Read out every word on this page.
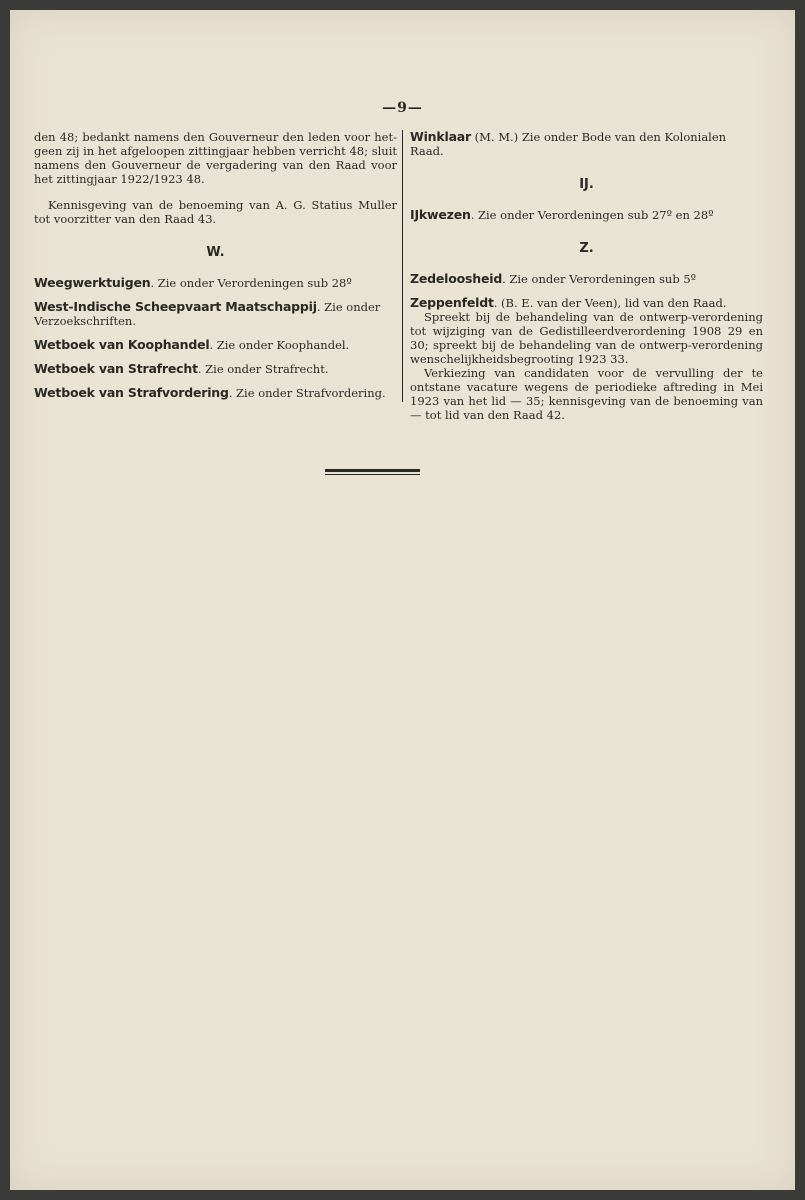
—9—

den 48; bedankt namens den Gouverneur den leden voor het-geen zij in het afgeloopen zittingjaar hebben verricht 48; sluit namens den Gouverneur de vergadering van den Raad voor het zittingjaar 1922/1923 48.

Kennisgeving van de benoeming van A. G. Statius Muller tot voorzitter van den Raad 43.

W.

Weegwerktuigen. Zie onder Verordeningen sub 28º

West-Indische Scheepvaart Maatschappij. Zie onder Verzoekschriften.

Wetboek van Koophandel. Zie onder Koophandel.

Wetboek van Strafrecht. Zie onder Strafrecht.

Wetboek van Strafvordering. Zie onder Strafvordering.

Winklaar (M. M.) Zie onder Bode van den Kolonialen Raad.

IJ.

IJkwezen. Zie onder Verordeningen sub 27º en 28º

Z.

Zedeloosheid. Zie onder Verordeningen sub 5º

Zeppenfeldt. (B. E. van der Veen), lid van den Raad.

Spreekt bij de behandeling van de ontwerp-verordening tot wijziging van de Gedistilleerdverordening 1908 29 en 30; spreekt bij de behandeling van de ontwerp-verordening wenschelijkheidsbegrooting 1923 33.

Verkiezing van candidaten voor de vervulling der te ontstane vacature wegens de periodieke aftreding in Mei 1923 van het lid — 35; kennisgeving van de benoeming van — tot lid van den Raad 42.
